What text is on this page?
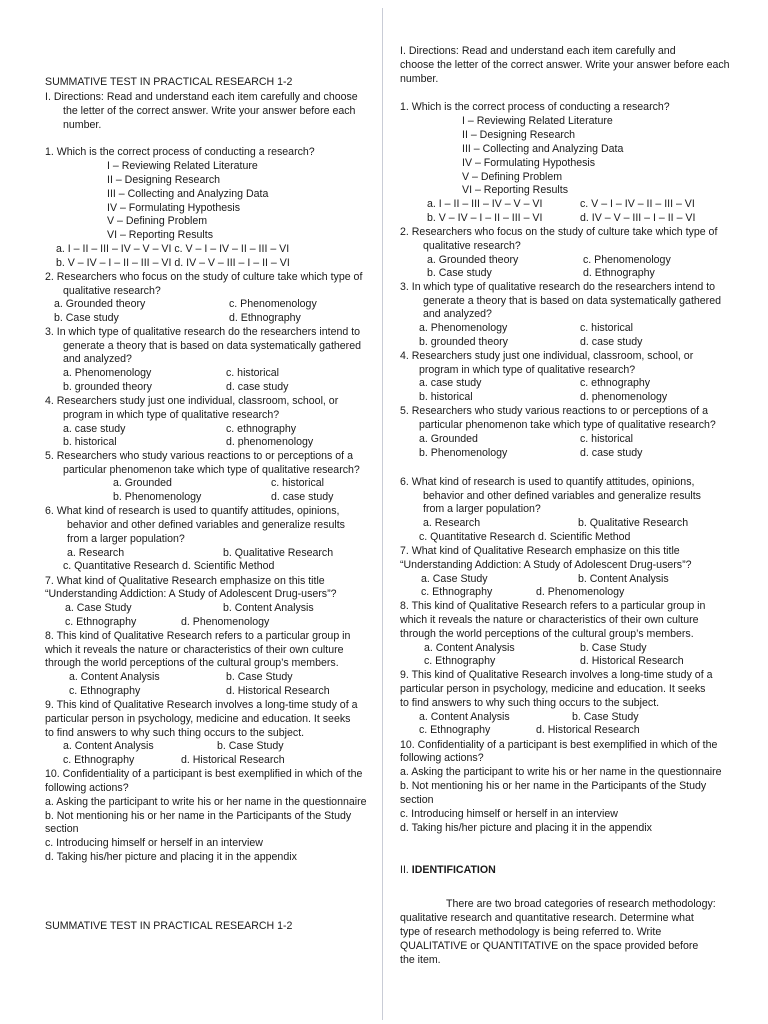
SUMMATIVE TEST IN PRACTICAL RESEARCH 1-2
I. Directions: Read and understand each item carefully and choose
the letter of the correct answer. Write your answer before each
number.
1. Which is the correct process of conducting a research?
I – Reviewing Related Literature
II – Designing Research
III – Collecting and Analyzing Data
IV – Formulating Hypothesis
V – Defining Problem
VI – Reporting Results
a. I – II – III – IV – V – VI c. V – I – IV – II – III – VI
b. V – IV – I – II – III – VI d. IV – V – III – I – II – VI
2. Researchers who focus on the study of culture take which type of
qualitative research?
a. Grounded theory	c. Phenomenology
b. Case study	d. Ethnography
3. In which type of qualitative research do the researchers intend to
generate a theory that is based on data systematically gathered
and analyzed?
a. Phenomenology	c. historical
b. grounded theory	d. case study
4. Researchers study just one individual, classroom, school, or
program in which type of qualitative research?
a. case study	c. ethnography
b. historical	d. phenomenology
5. Researchers who study various reactions to or perceptions of a
particular phenomenon take which type of qualitative research?
a. Grounded	c. historical
b. Phenomenology	d. case study
6. What kind of research is used to quantify attitudes, opinions,
behavior and other defined variables and generalize results
from a larger population?
a. Research	b. Qualitative Research
c. Quantitative Research d. Scientific Method
7. What kind of Qualitative Research emphasize on this title
“Understanding Addiction: A Study of Adolescent Drug-users”?
a. Case Study	b. Content Analysis
c. Ethnography	d. Phenomenology
8. This kind of Qualitative Research refers to a particular group in
which it reveals the nature or characteristics of their own culture
through the world perceptions of the cultural group’s members.
a. Content Analysis	b. Case Study
c. Ethnography	d. Historical Research
9. This kind of Qualitative Research involves a long-time study of a
particular person in psychology, medicine and education. It seeks
to find answers to why such thing occurs to the subject.
a. Content Analysis	b. Case Study
c. Ethnography	d. Historical Research
10. Confidentiality of a participant is best exemplified in which of the
following actions?
a. Asking the participant to write his or her name in the questionnaire
b. Not mentioning his or her name in the Participants of the Study
section
c. Introducing himself or herself in an interview
d. Taking his/her picture and placing it in the appendix
SUMMATIVE TEST IN PRACTICAL RESEARCH 1-2
I. Directions: Read and understand each item carefully and
choose the letter of the correct answer. Write your answer before each
number.
1. Which is the correct process of conducting a research?
I – Reviewing Related Literature
II – Designing Research
III – Collecting and Analyzing Data
IV – Formulating Hypothesis
V – Defining Problem
VI – Reporting Results
a. I – II – III – IV – V – VI	c. V – I – IV – II – III – VI
b. V – IV – I – II – III – VI	d. IV – V – III – I – II – VI
2. Researchers who focus on the study of culture take which type of
qualitative research?
a. Grounded theory	c. Phenomenology
b. Case study	d. Ethnography
3. In which type of qualitative research do the researchers intend to
generate a theory that is based on data systematically gathered
and analyzed?
a. Phenomenology	c. historical
b. grounded theory	d. case study
4. Researchers study just one individual, classroom, school, or
program in which type of qualitative research?
a. case study	c. ethnography
b. historical	d. phenomenology
5. Researchers who study various reactions to or perceptions of a
particular phenomenon take which type of qualitative research?
a. Grounded	c. historical
b. Phenomenology	d. case study
6. What kind of research is used to quantify attitudes, opinions,
behavior and other defined variables and generalize results
from a larger population?
a. Research	b. Qualitative Research
c. Quantitative Research d. Scientific Method
7. What kind of Qualitative Research emphasize on this title
“Understanding Addiction: A Study of Adolescent Drug-users”?
a. Case Study	b. Content Analysis
c. Ethnography	d. Phenomenology
8. This kind of Qualitative Research refers to a particular group in
which it reveals the nature or characteristics of their own culture
through the world perceptions of the cultural group’s members.
a. Content Analysis	b. Case Study
c. Ethnography	d. Historical Research
9. This kind of Qualitative Research involves a long-time study of a
particular person in psychology, medicine and education. It seeks
to find answers to why such thing occurs to the subject.
a. Content Analysis	b. Case Study
c. Ethnography	d. Historical Research
10. Confidentiality of a participant is best exemplified in which of the
following actions?
a. Asking the participant to write his or her name in the questionnaire
b. Not mentioning his or her name in the Participants of the Study
section
c. Introducing himself or herself in an interview
d. Taking his/her picture and placing it in the appendix
II. IDENTIFICATION
There are two broad categories of research methodology:
qualitative research and quantitative research. Determine what
type of research methodology is being referred to. Write
QUALITATIVE or QUANTITATIVE on the space provided before
the item.
